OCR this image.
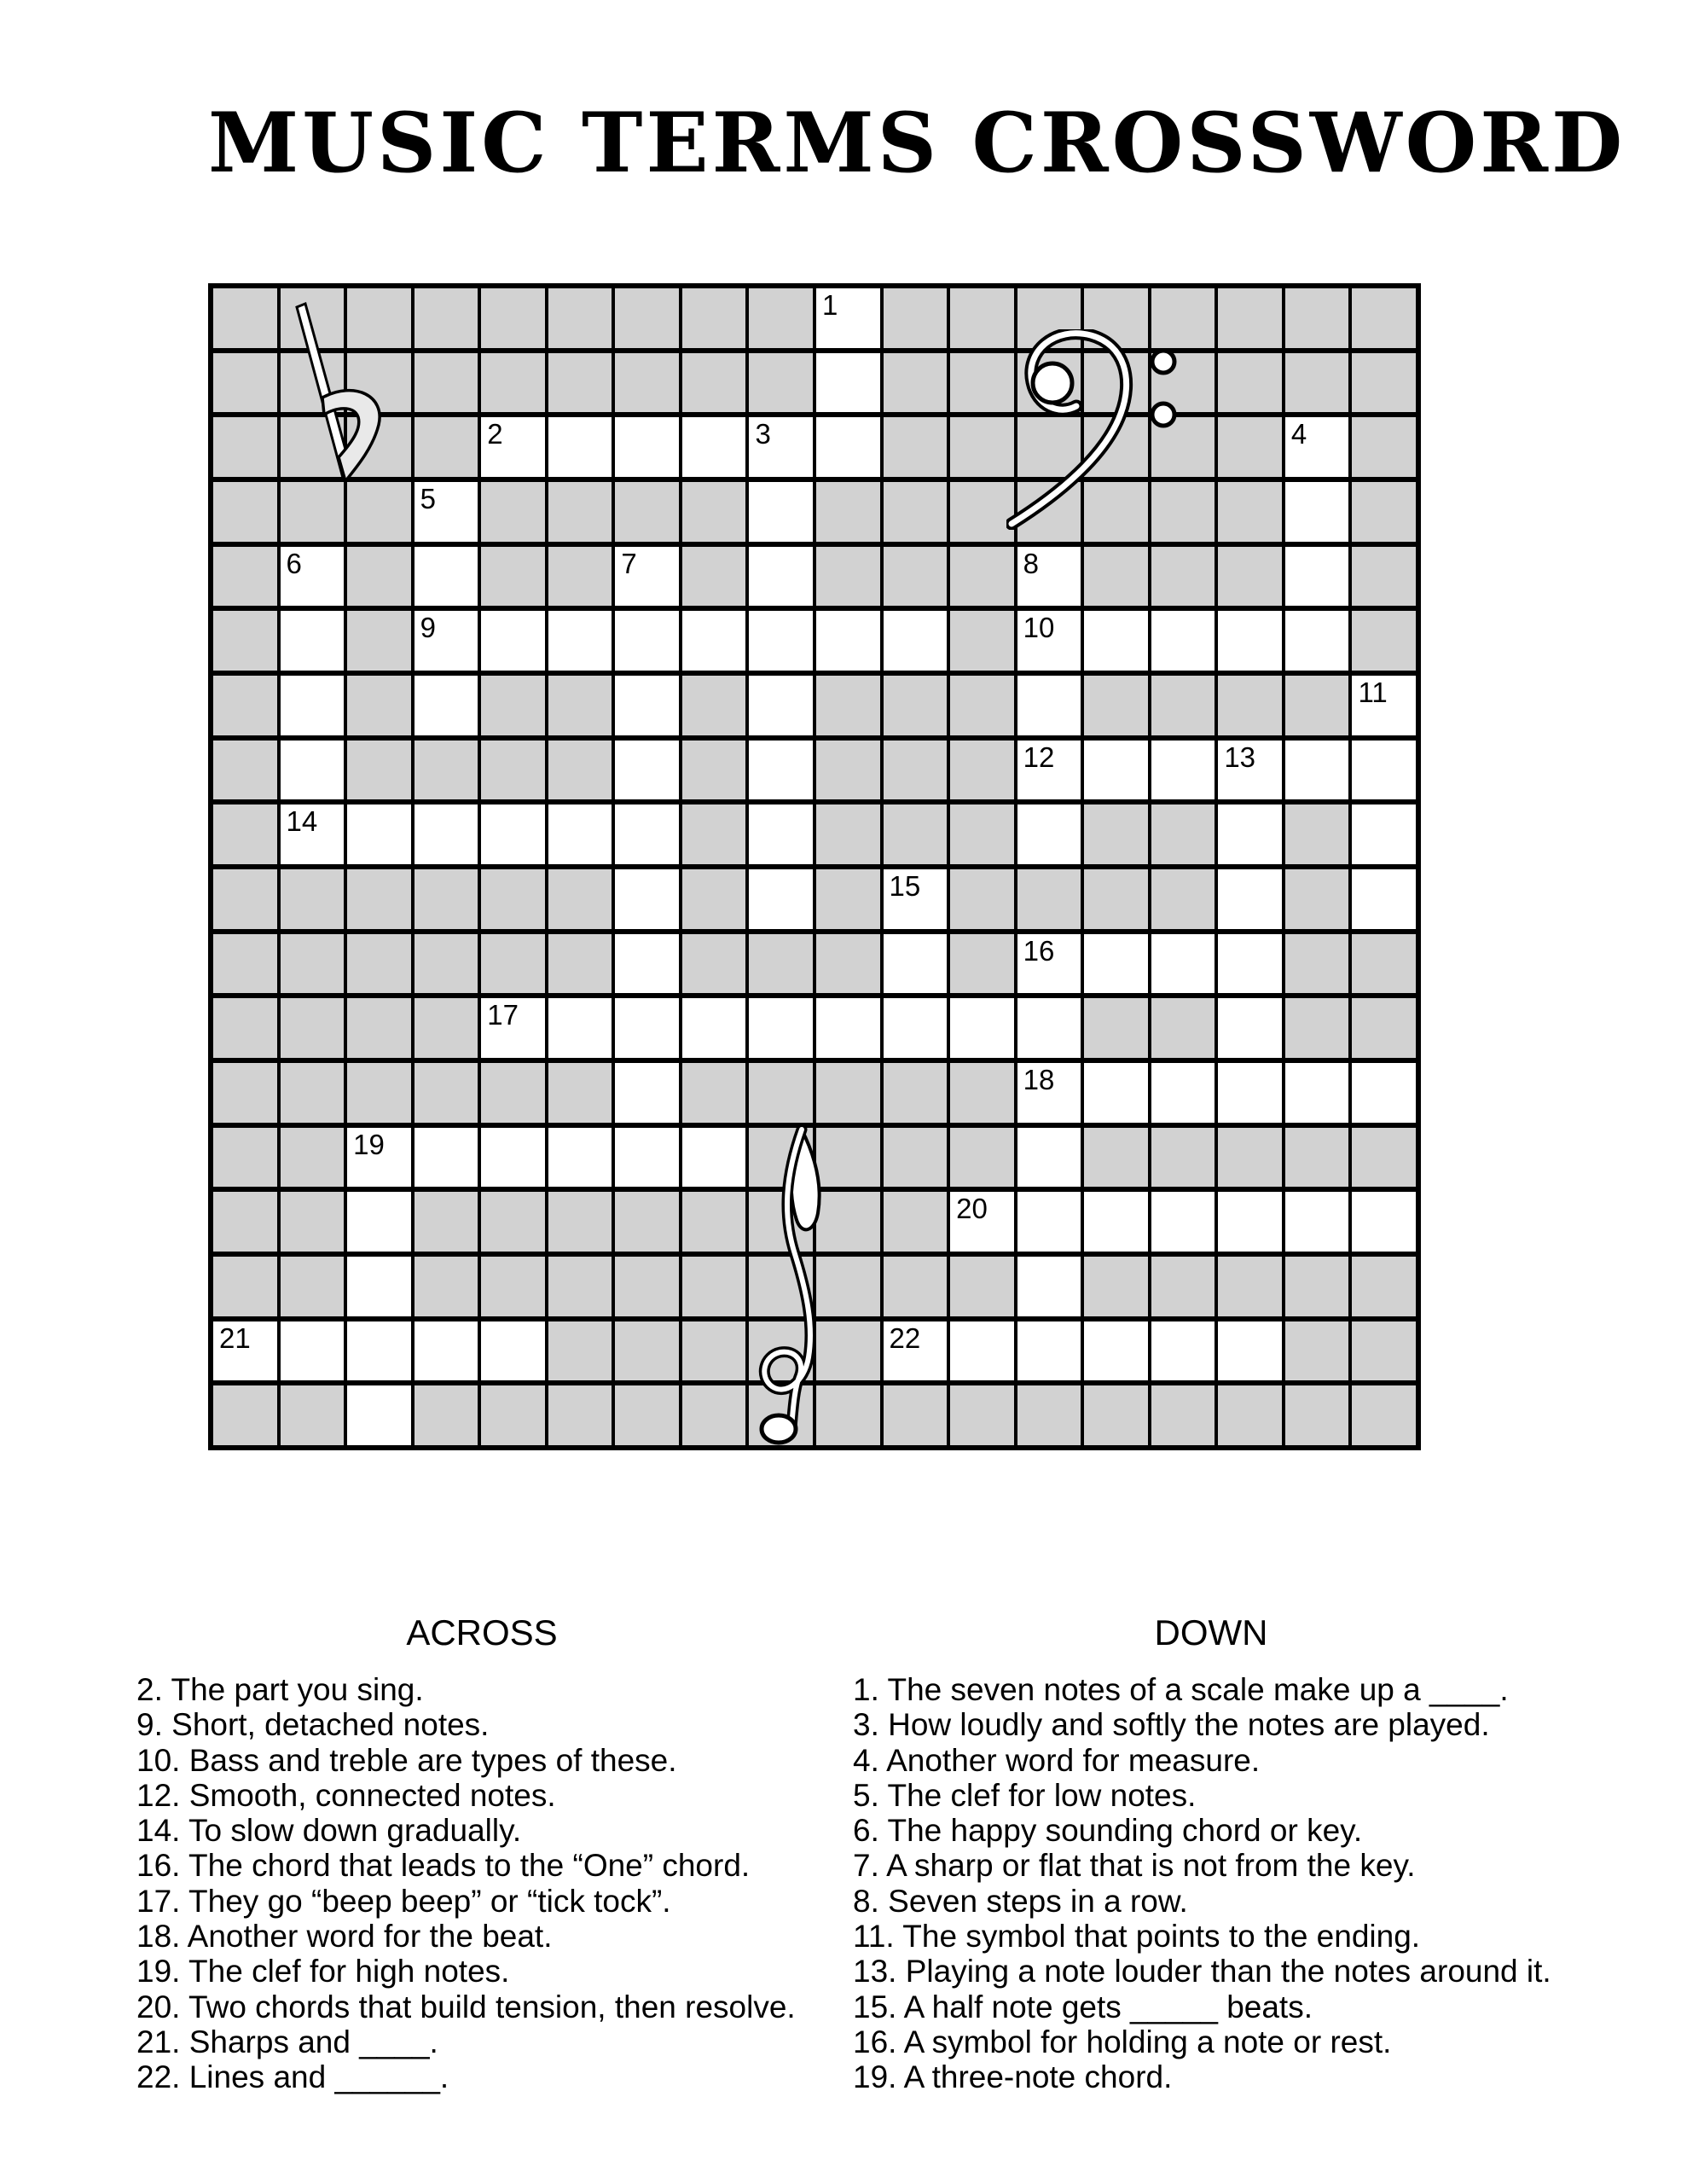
MUSIC TERMS CROSSWORD
1
2	3	4
5
6	7	8
9	10
11
12	13
14
15
16
17
18
19
20
21	22
ACROSS
2. The part you sing.
9. Short, detached notes.
10. Bass and treble are types of these.
12. Smooth, connected notes.
14. To slow down gradually.
16. The chord that leads to the “One” chord.
17. They go “beep beep” or “tick tock”.
18. Another word for the beat.
19. The clef for high notes.
20. Two chords that build tension, then resolve.
21. Sharps and ____.
22. Lines and ______.
DOWN
1. The seven notes of a scale make up a ____.
3. How loudly and softly the notes are played.
4. Another word for measure.
5. The clef for low notes.
6. The happy sounding chord or key.
7. A sharp or flat that is not from the key.
8. Seven steps in a row.
11. The symbol that points to the ending.
13. Playing a note louder than the notes around it.
15. A half note gets _____ beats.
16. A symbol for holding a note or rest.
19. A three-note chord.
